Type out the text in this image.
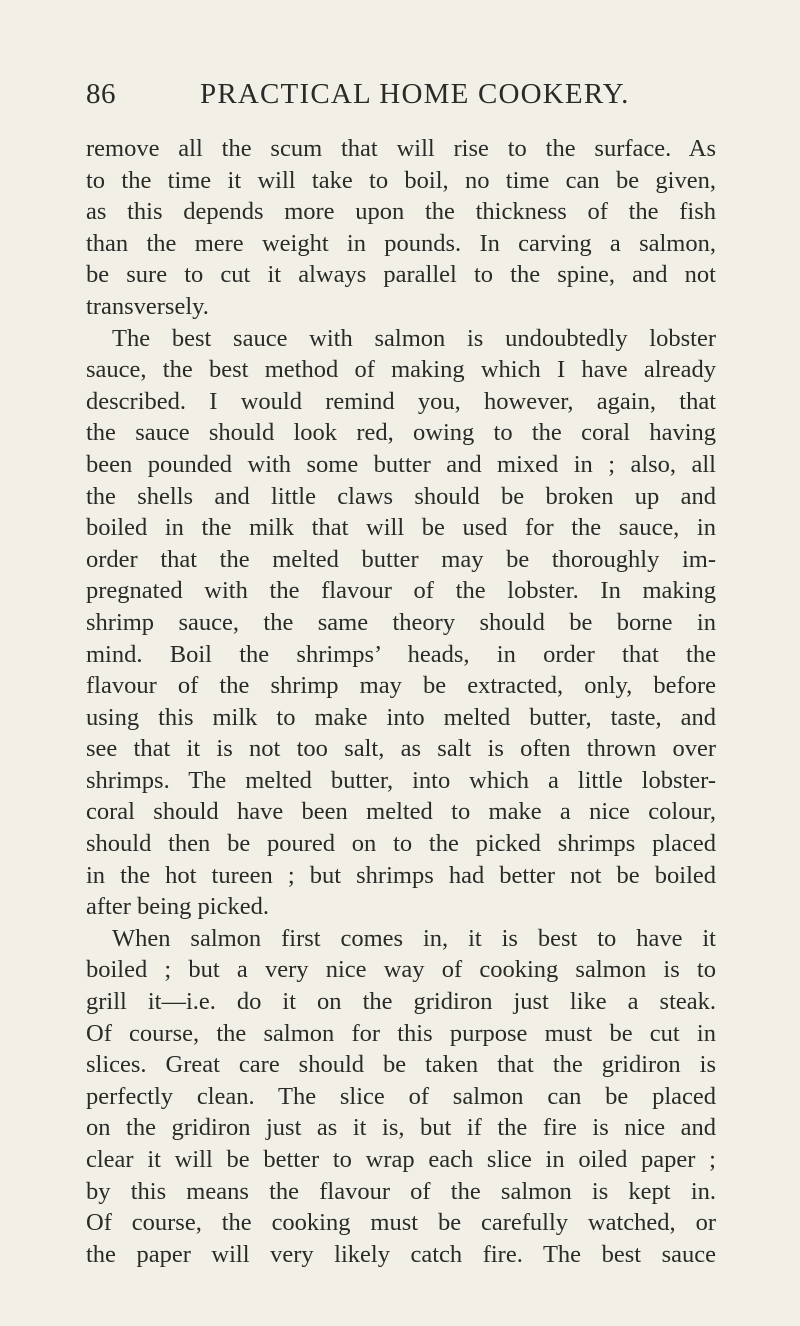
86	PRACTICAL HOME COOKERY.
remove all the scum that will rise to the surface. As
to the time it will take to boil, no time can be given,
as this depends more upon the thickness of the fish
than the mere weight in pounds. In carving a salmon,
be sure to cut it always parallel to the spine, and not
transversely.
The best sauce with salmon is undoubtedly lobster
sauce, the best method of making which I have already
described. I would remind you, however, again, that
the sauce should look red, owing to the coral having
been pounded with some butter and mixed in ; also, all
the shells and little claws should be broken up and
boiled in the milk that will be used for the sauce, in
order that the melted butter may be thoroughly im-
pregnated with the flavour of the lobster. In making
shrimp sauce, the same theory should be borne in
mind. Boil the shrimps’ heads, in order that the
flavour of the shrimp may be extracted, only, before
using this milk to make into melted butter, taste, and
see that it is not too salt, as salt is often thrown over
shrimps. The melted butter, into which a little lobster-
coral should have been melted to make a nice colour,
should then be poured on to the picked shrimps placed
in the hot tureen ; but shrimps had better not be boiled
after being picked.
When salmon first comes in, it is best to have it
boiled ; but a very nice way of cooking salmon is to
grill it—i.e. do it on the gridiron just like a steak.
Of course, the salmon for this purpose must be cut in
slices. Great care should be taken that the gridiron is
perfectly clean. The slice of salmon can be placed
on the gridiron just as it is, but if the fire is nice and
clear it will be better to wrap each slice in oiled paper ;
by this means the flavour of the salmon is kept in.
Of course, the cooking must be carefully watched, or
the paper will very likely catch fire. The best sauce
